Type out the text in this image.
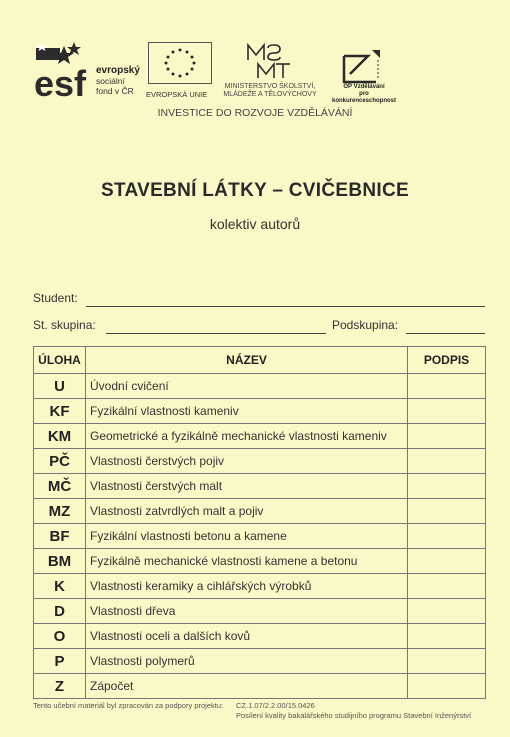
esf evropský
sociální
fond v ČR	EVROPSKÁ UNIE
MINISTERSTVO ŠKOLSTVÍ,
MLÁDEŽE A TĚLOVÝCHOVY
OP Vzdělávání
pro konkurenceschopnost
INVESTICE DO ROZVOJE VZDĚLÁVÁNÍ
STAVEBNÍ LÁTKY – CVIČEBNICE
kolektiv autorů
Student:
St. skupina:	Podskupina:
ÚLOHA	NÁZEV	PODPIS
U	Úvodní cvičení	
KF	Fyzikální vlastnosti kameniv	
KM	Geometrické a fyzikálně mechanické vlastnosti kameniv	
PČ	Vlastnosti čerstvých pojiv	
MČ	Vlastnosti čerstvých malt	
MZ	Vlastnosti zatvrdlých malt a pojiv	
BF	Fyzikální vlastnosti betonu a kamene	
BM	Fyzikálně mechanické vlastnosti kamene a betonu	
K	Vlastnosti keramiky a cihlářských výrobků	
D	Vlastnosti dřeva	
O	Vlastnosti oceli a dalších kovů	
P	Vlastnosti polymerů	
Z	Zápočet	
Tento učební materiál byl zpracován za podpory projektu: CZ.1.07/2.2.00/15.0426
Posílení kvality bakalářského studijního programu Stavební Inženýrství
